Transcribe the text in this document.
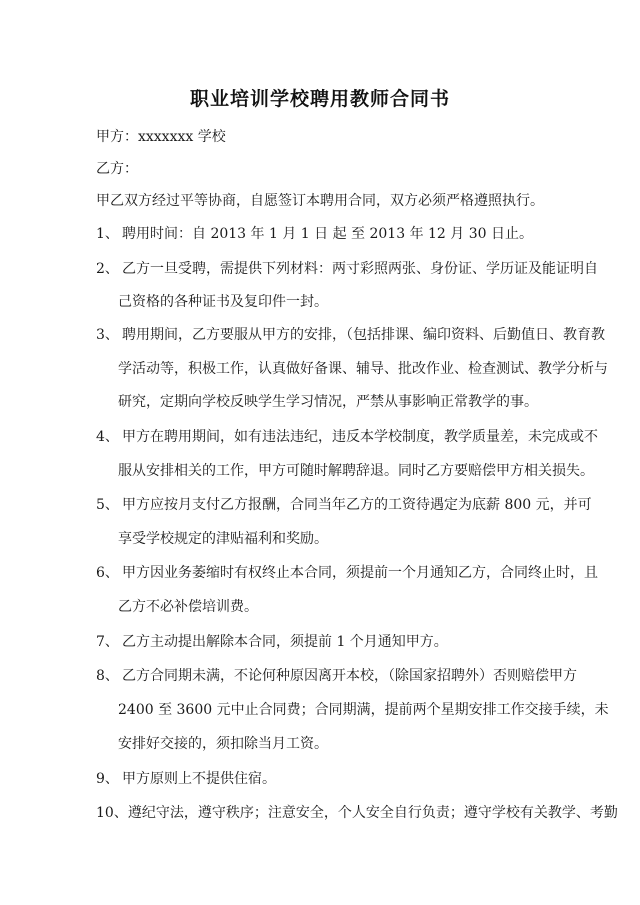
职业培训学校聘用教师合同书
甲方：xxxxxxx 学校
乙方：
甲乙双方经过平等协商，自愿签订本聘用合同，双方必须严格遵照执行。
1、 聘用时间：自 2013 年 1 月 1 日 起 至 2013 年 12 月 30 日止。
2、 乙方一旦受聘，需提供下列材料：两寸彩照两张、身份证、学历证及能证明自
己资格的各种证书及复印件一封。
3、 聘用期间，乙方要服从甲方的安排，（包括排课、编印资料、后勤值日、教育教
学活动等，积极工作，认真做好备课、辅导、批改作业、检查测试、教学分析与
研究，定期向学校反映学生学习情况，严禁从事影响正常教学的事。
4、 甲方在聘用期间，如有违法违纪，违反本学校制度，教学质量差，未完成或不
服从安排相关的工作，甲方可随时解聘辞退。同时乙方要赔偿甲方相关损失。
5、 甲方应按月支付乙方报酬，合同当年乙方的工资待遇定为底薪 800 元，并可
享受学校规定的津贴福利和奖励。
6、 甲方因业务萎缩时有权终止本合同，须提前一个月通知乙方，合同终止时，且
乙方不必补偿培训费。
7、 乙方主动提出解除本合同，须提前 1 个月通知甲方。
8、 乙方合同期未满，不论何种原因离开本校，（除国家招聘外）否则赔偿甲方
2400 至 3600 元中止合同费；合同期满，提前两个星期安排工作交接手续，未
安排好交接的，须扣除当月工资。
9、 甲方原则上不提供住宿。
10、遵纪守法，遵守秩序；注意安全，个人安全自行负责；遵守学校有关教学、考勤
